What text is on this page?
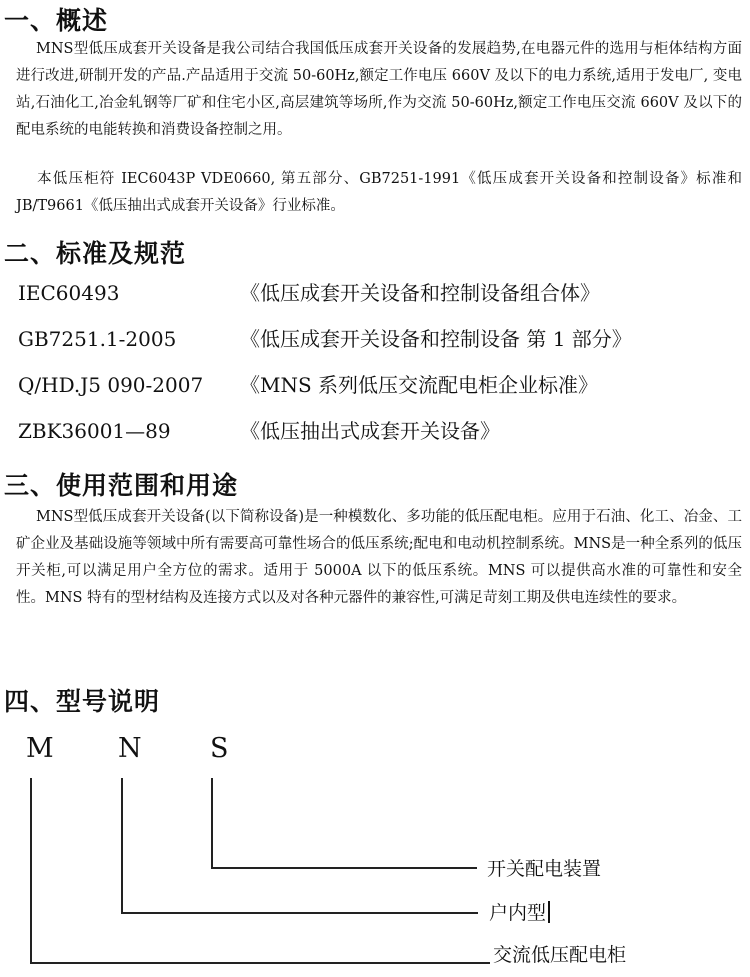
一、概述

MNS型低压成套开关设备是我公司结合我国低压成套开关设备的发展趋势,在电器元件的选用与柜体结构方面进行改进,研制开发的产品.产品适用于交流 50-60Hz,额定工作电压 660V 及以下的电力系统,适用于发电厂, 变电站,石油化工,冶金轧钢等厂矿和住宅小区,高层建筑等场所,作为交流 50-60Hz,额定工作电压交流 660V 及以下的配电系统的电能转换和消费设备控制之用。

本低压柜符 IEC6043P VDE0660, 第五部分、GB7251-1991《低压成套开关设备和控制设备》标准和 JB/T9661《低压抽出式成套开关设备》行业标准。

二、标准及规范
IEC60493	《低压成套开关设备和控制设备组合体》
GB7251.1-2005	《低压成套开关设备和控制设备 第 1 部分》
Q/HD.J5 090-2007 《MNS 系列低压交流配电柜企业标准》
ZBK36001—89	《低压抽出式成套开关设备》
三、使用范围和用途

MNS型低压成套开关设备(以下简称设备)是一种模数化、多功能的低压配电柜。应用于石油、化工、冶金、工矿企业及基础设施等领域中所有需要高可靠性场合的低压系统;配电和电动机控制系统。MNS是一种全系列的低压开关柜,可以满足用户全方位的需求。适用于 5000A 以下的低压系统。MNS 可以提供高水准的可靠性和安全性。MNS 特有的型材结构及连接方式以及对各种元器件的兼容性,可满足苛刻工期及供电连续性的要求。

四、型号说明
M N	S
开关配电装置
户内型
交流低压配电柜
